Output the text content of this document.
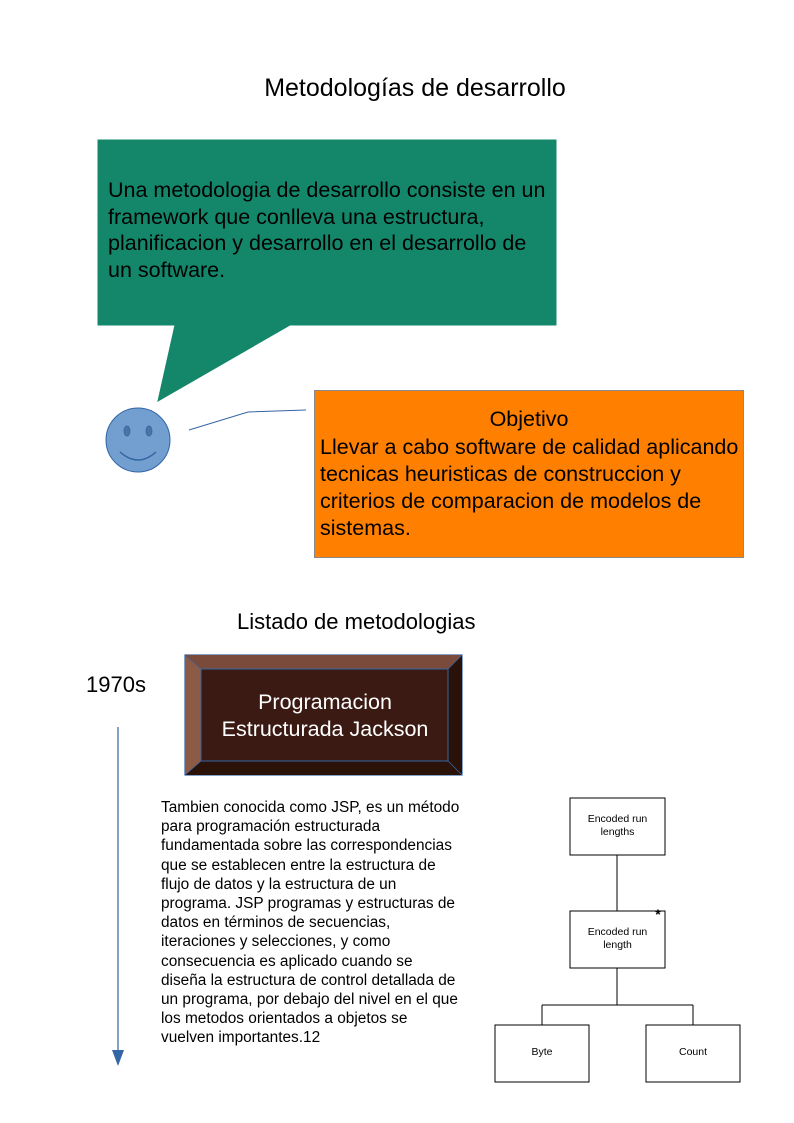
Metodologías de desarrollo
Una metodologia de desarrollo consiste en un framework que conlleva una estructura, planificacion y desarrollo en el desarrollo de un software.
Objetivo
Llevar a cabo software de calidad aplicando tecnicas heuristicas de construccion y criterios de comparacion de modelos de sistemas.
Listado de metodologias
1970s
Programacion Estructurada Jackson
Tambien conocida como JSP, es un método para programación estructurada fundamentada sobre las correspondencias que se establecen entre la estructura de flujo de datos y la estructura de un programa. JSP programas y estructuras de datos en términos de secuencias, iteraciones y selecciones, y como consecuencia es aplicado cuando se diseña la estructura de control detallada de un programa, por debajo del nivel en el que los metodos orientados a objetos se vuelven importantes.12
Encoded run lengths
Encoded run length
*
Byte	Count
